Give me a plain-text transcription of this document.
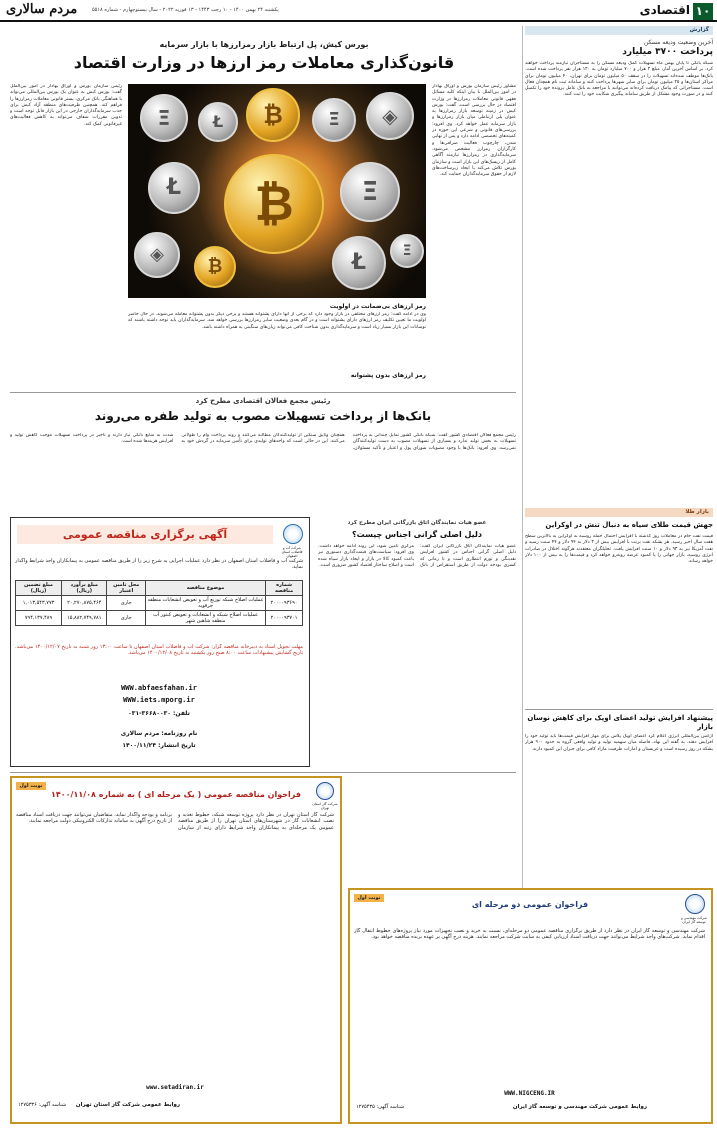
۱۰
اقتصادی
یکشنبه ۲۴ بهمن ۱۴۰۰ - ۱۰ رجب ۱۴۴۳ - ۱۳ فوریه ۲۰۲۲ - سال بیستوچهارم - شماره ۵۵۱۸
مردم سالاری
گزارش
آخرین وضعیت ودیعه مسکن
پرداخت ۳۷۰۰ میلیارد
شبکه بانکی تا پایان بهمن ماه تسهیلات کمک ودیعه مسکن را به مستاجران نیازمند پرداخت خواهند کرد. بر اساس آخرین آمار، مبلغ ۳ هزار و ۷۰۰ میلیارد تومان به ۱۳۰ هزار نفر پرداخت شده است. بانک‌ها موظف شده‌اند تسهیلات را در سقف ۵۰ میلیون تومان برای تهران، ۴۰ میلیون تومان برای مراکز استان‌ها و ۲۵ میلیون تومان برای سایر شهرها پرداخت کنند و سامانه ثبت نام همچنان فعال است. مستاجرانی که پیامک دریافت کرده‌اند می‌توانند با مراجعه به بانک عامل پرونده خود را تکمیل کنند و در صورت وجود مشکل از طریق سامانه پیگیری شکایت خود را ثبت کنند.
بازار طلا
جهش قیمت طلای سیاه به دنبال تنش در اوکراین
قیمت نفت خام در معاملات روز گذشته با افزایش احتمال حمله روسیه به اوکراین به بالاترین سطح هفت سال اخیر رسید. هر بشکه نفت برنت با افزایش بیش از ۳ دلار به ۹۴ دلار و ۴۴ سنت رسید و نفت آمریکا نیز به ۹۳ دلار و ۱۰ سنت افزایش یافت. تحلیلگران معتقدند هرگونه اختلال در صادرات انرژی روسیه، بازار جهانی را با کمبود عرضه روبه‌رو خواهد کرد و قیمت‌ها را به بیش از ۱۰۰ دلار خواهد رساند.
پیشنهاد افزایش تولید اعضای اوپک برای کاهش نوسان بازار
آژانس بین‌المللی انرژی اعلام کرد اعضای اوپک پلاس برای مهار افزایش قیمت‌ها باید تولید خود را افزایش دهند. به گفته این نهاد، فاصله میان سهمیه تولید و تولید واقعی گروه به حدود ۹۰۰ هزار بشکه در روز رسیده است و عربستان و امارات ظرفیت مازاد کافی برای جبران این کمبود دارند.
بورس کیش، پل ارتباط بازار رمزارزها با بازار سرمایه
قانون‌گذاری معاملات رمز ارزها در وزارت اقتصاد
مشاور رئیس سازمان بورس و اوراق بهادار در امور بین‌الملل با بیان اینکه کلیه مسائل فقهی قانونی معاملات رمزارزها در وزارت اقتصاد در حال بررسی است، گفت: بورس کیش در زمینه توسعه بازار رمزارزها به عنوان پلی ارتباطی میان بازار رمزارزها و بازار سرمایه عمل خواهد کرد. وی افزود: بررسی‌های قانونی و شرعی این حوزه در کمیته‌های تخصصی ادامه دارد و پس از نهایی شدن، چارچوب فعالیت صرافی‌ها و کارگزاران رمزارز مشخص می‌شود. سرمایه‌گذاری در رمزارزها نیازمند آگاهی کامل از ریسک‌های این بازار است و سازمان بورس تلاش می‌کند با ایجاد زیرساخت‌های لازم از حقوق سرمایه‌گذاران حمایت کند.
رئیس سازمان بورس و اوراق بهادار در امور بین‌الملل گفت: بورس کیش به عنوان یک بورس بین‌المللی می‌تواند با هماهنگی بانک مرکزی، بستر قانونی معاملات رمزارزها را فراهم کند. همچنین ظرفیت‌های منطقه آزاد کیش برای جذب سرمایه‌گذاران خارجی در این بازار قابل توجه است و تدوین مقررات شفاف می‌تواند به کاهش فعالیت‌های غیرقانونی کمک کند.	Ξ	Ł	₿	Ξ	◈
Ł	₿	Ξ
◈
₿	Ł	Ξ
رمز ارزهای بی‌ضمانت در اولویت
وی در ادامه گفت: رمز ارزهای مختلفی در بازار وجود دارد که برخی از آنها دارای پشتوانه هستند و برخی دیگر بدون پشتوانه معامله می‌شوند. در حال حاضر اولویت ما تعیین تکلیف رمز ارزهای دارای پشتوانه است و در گام بعدی وضعیت سایر رمزارزها بررسی خواهد شد. سرمایه‌گذاران باید توجه داشته باشند که نوسانات این بازار بسیار زیاد است و سرمایه‌گذاری بدون شناخت کافی می‌تواند زیان‌های سنگینی به همراه داشته باشد.
رمز ارزهای بدون پشتوانه
رئیس مجمع فعالان اقتصادی مطرح کرد
بانک‌ها از پرداخت تسهیلات مصوب به تولید طفره می‌روند
رئیس مجمع فعالان اقتصادی کشور گفت: شبکه بانکی کشور تمایل چندانی به پرداخت تسهیلات به بخش تولید ندارد و بسیاری از تسهیلات مصوب به دست تولیدکنندگان نمی‌رسد. وی افزود: بانک‌ها با وجود مصوبات شورای پول و اعتبار و تأکید مسئولان، همچنان وثایق سنگین از تولیدکنندگان مطالبه می‌کنند و روند پرداخت وام را طولانی می‌کنند. این در حالی است که واحدهای تولیدی برای تأمین سرمایه در گردش خود به شدت به منابع بانکی نیاز دارند و تأخیر در پرداخت تسهیلات موجب کاهش تولید و افزایش هزینه‌ها شده است.
شرکت آب و فاضلاب استان اصفهان
آگهی برگزاری مناقصه عمومی
شرکت آب و فاضلاب استان اصفهان در نظر دارد عملیات اجرایی به شرح زیر را از طریق مناقصه عمومی به پیمانکاران واجد شرایط واگذار نماید.
شماره مناقصه	موضوع مناقصه	محل تامین اعتبار	مبلغ برآورد (ریال)	مبلغ تضمین (ریال)
۲۰۰۰۰۹۳۶۹۰	عملیات اصلاح شبکه توزیع آب و تعویض انشعابات منطقه جرقویه	جاری	۲۰,۲۷۰,۸۷۵,۴۶۴	۱,۰۱۳,۵۴۳,۷۷۳
۲۰۰۰۰۹۳۷۰۱	عملیات اصلاح شبکه و انشعابات و تعویض کنتور آب منطقه شاهین شهر	جاری	۱۵,۸۸۲,۷۴۹,۷۸۱	۷۹۴,۱۳۷,۴۸۹
مهلت تحویل اسناد به دبیرخانه مناقصه گزار: شرکت آب و فاضلاب استان اصفهان تا ساعت ۱۳:۰۰ روز شنبه به تاریخ ۱۴۰۰/۱۲/۰۷ می‌باشد. تاریخ گشایش پیشنهادات ساعت ۸:۰۰ صبح روز یکشنبه به تاریخ ۱۴۰۰/۱۲/۰۸ می‌باشد.
WWW.abfaesfahan.ir
WWW.iets.mporg.ir
تلفن: ۳۶۶۸۰۰۳۰-۰۳۱
نام روزنامه: مردم سالاری
تاریخ انتشار: ۱۴۰۰/۱۱/۲۴
عضو هیات نمایندگان اتاق بازرگانی ایران مطرح کرد
دلیل اصلی گرانی اجناس چیست؟
عضو هیات نمایندگان اتاق بازرگانی ایران گفت: دلیل اصلی گرانی اجناس در کشور افزایش نقدینگی و تورم انتظاری است و تا زمانی که کسری بودجه دولت از طریق استقراض از بانک مرکزی تأمین شود، این روند ادامه خواهد داشت. وی افزود: سیاست‌های قیمت‌گذاری دستوری نیز باعث کمبود کالا در بازار و ایجاد بازار سیاه شده است و اصلاح ساختار اقتصاد کشور ضروری است.
نوبت اول
شرکت گاز استان تهران
فراخوان مناقصه عمومی ( یک مرحله ای ) به شماره ۱۴۰۰/۱۱/۰۸
شرکت گاز استان تهران در نظر دارد پروژه توسعه شبکه، خطوط تغذیه و نصب انشعابات گاز در شهرستان‌های استان تهران را از طریق مناقصه عمومی یک مرحله‌ای به پیمانکاران واجد شرایط دارای رتبه از سازمان برنامه و بودجه واگذار نماید. متقاضیان می‌توانند جهت دریافت اسناد مناقصه از تاریخ درج آگهی به سامانه تدارکات الکترونیکی دولت مراجعه نمایند.
www.setadiran.ir
روابط عمومی شرکت گاز استان تهران
شناسه آگهی: ۱۲۷۵۳۳۶
نوبت اول
شرکت مهندسی و توسعه گاز ایران
فراخوان عمومی دو مرحله ای
شرکت مهندسی و توسعه گاز ایران در نظر دارد از طریق برگزاری مناقصه عمومی دو مرحله‌ای، نسبت به خرید و نصب تجهیزات مورد نیاز پروژه‌های خطوط انتقال گاز اقدام نماید. شرکت‌های واجد شرایط می‌توانند جهت دریافت اسناد ارزیابی کیفی به سایت شرکت مراجعه نمایند. هزینه درج آگهی بر عهده برنده مناقصه خواهد بود.
WWW.NIGCENG.IR
روابط عمومی شرکت مهندسی و توسعه گاز ایران
شناسه آگهی: ۱۲۷۵۴۳۵
